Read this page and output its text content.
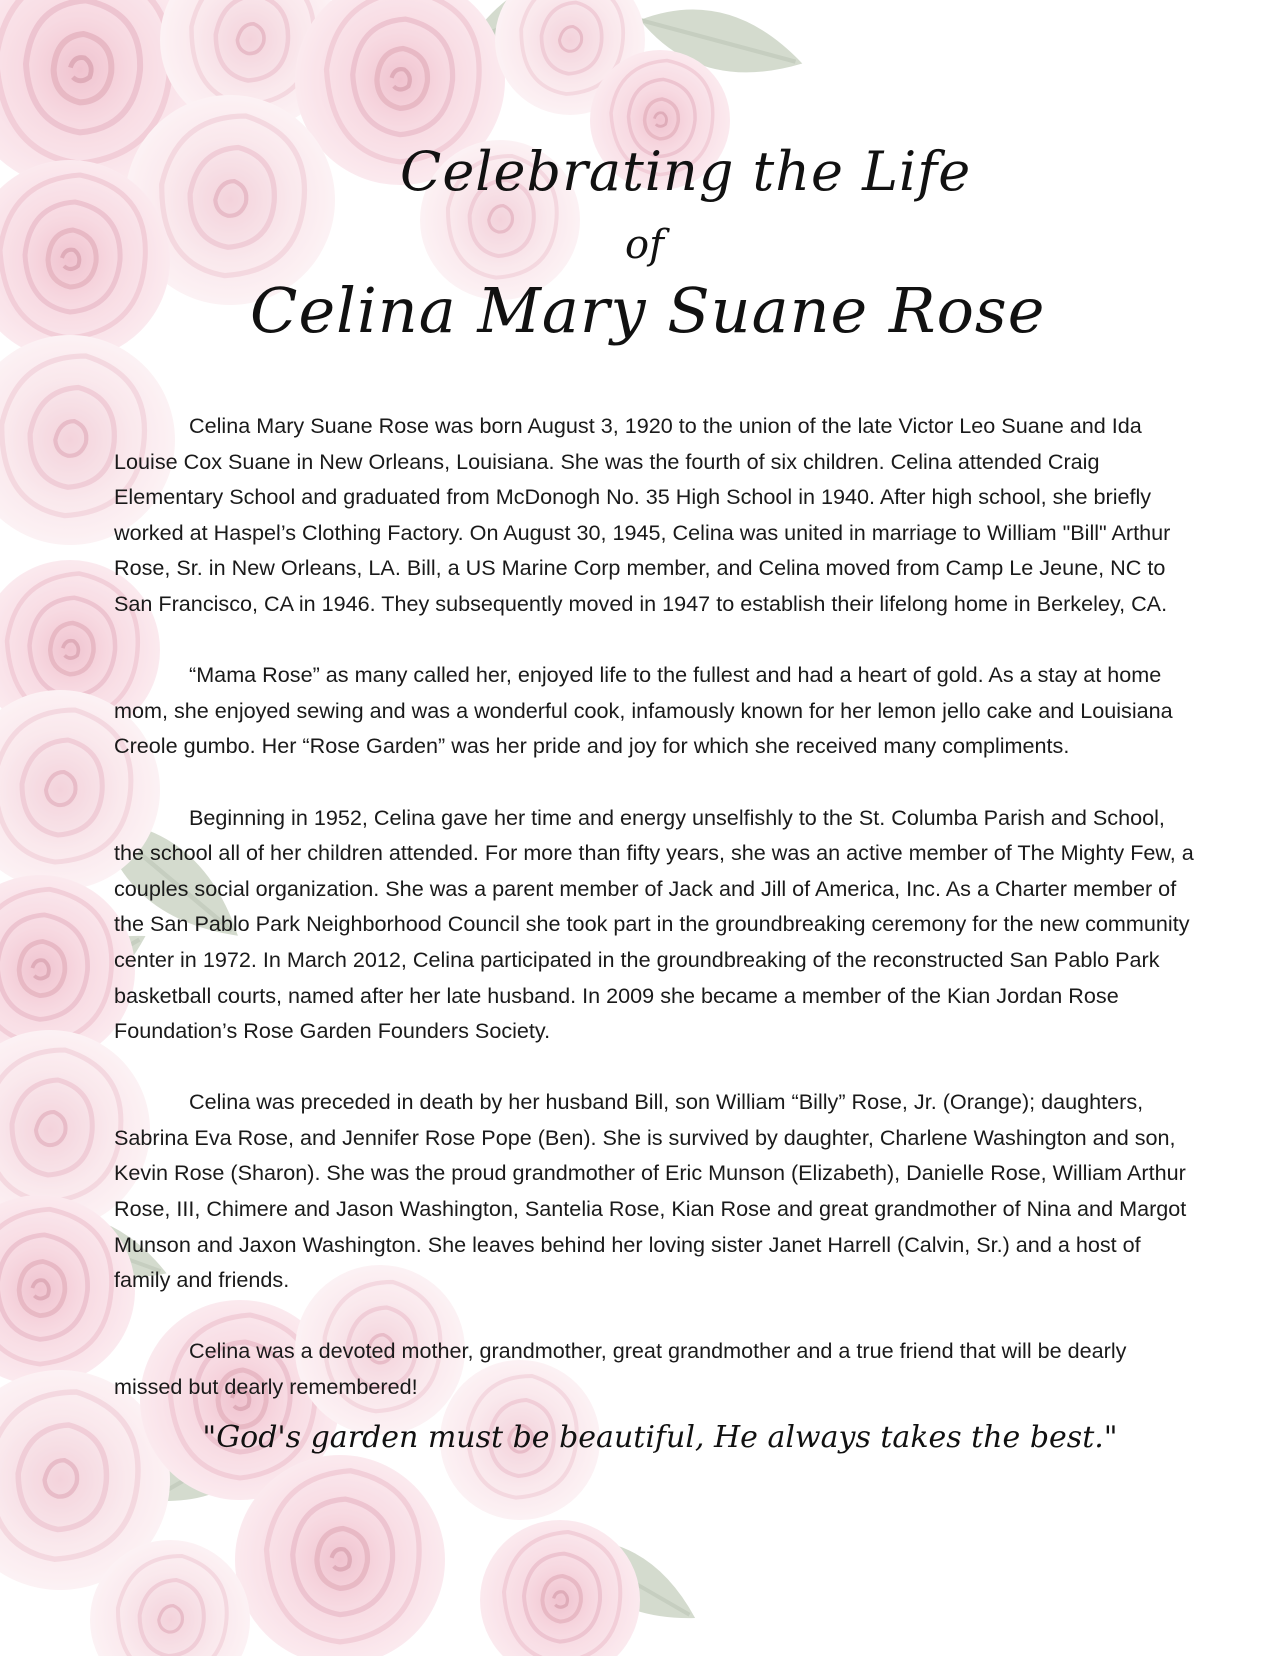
Celebrating the Life
of
Celina Mary Suane Rose

Celina Mary Suane Rose was born August 3, 1920 to the union of the late Victor Leo Suane and Ida Louise Cox Suane in New Orleans, Louisiana. She was the fourth of six children. Celina attended Craig Elementary School and graduated from McDonogh No. 35 High School in 1940. After high school, she briefly worked at Haspel’s Clothing Factory. On August 30, 1945, Celina was united in marriage to William "Bill" Arthur Rose, Sr. in New Orleans, LA. Bill, a US Marine Corp member, and Celina moved from Camp Le Jeune, NC to San Francisco, CA in 1946. They subsequently moved in 1947 to establish their lifelong home in Berkeley, CA.

“Mama Rose” as many called her, enjoyed life to the fullest and had a heart of gold. As a stay at home mom, she enjoyed sewing and was a wonderful cook, infamously known for her lemon jello cake and Louisiana Creole gumbo. Her “Rose Garden” was her pride and joy for which she received many compliments.

Beginning in 1952, Celina gave her time and energy unselfishly to the St. Columba Parish and School, the school all of her children attended. For more than fifty years, she was an active member of The Mighty Few, a couples social organization. She was a parent member of Jack and Jill of America, Inc. As a Charter member of the San Pablo Park Neighborhood Council she took part in the groundbreaking ceremony for the new community center in 1972. In March 2012, Celina participated in the groundbreaking of the reconstructed San Pablo Park basketball courts, named after her late husband. In 2009 she became a member of the Kian Jordan Rose Foundation’s Rose Garden Founders Society.

Celina was preceded in death by her husband Bill, son William “Billy” Rose, Jr. (Orange); daughters, Sabrina Eva Rose, and Jennifer Rose Pope (Ben). She is survived by daughter, Charlene Washington and son, Kevin Rose (Sharon). She was the proud grandmother of Eric Munson (Elizabeth), Danielle Rose, William Arthur Rose, III, Chimere and Jason Washington, Santelia Rose, Kian Rose and great grandmother of Nina and Margot Munson and Jaxon Washington. She leaves behind her loving sister Janet Harrell (Calvin, Sr.) and a host of family and friends.

Celina was a devoted mother, grandmother, great grandmother and a true friend that will be dearly missed but dearly remembered!

"God's garden must be beautiful, He always takes the best."
